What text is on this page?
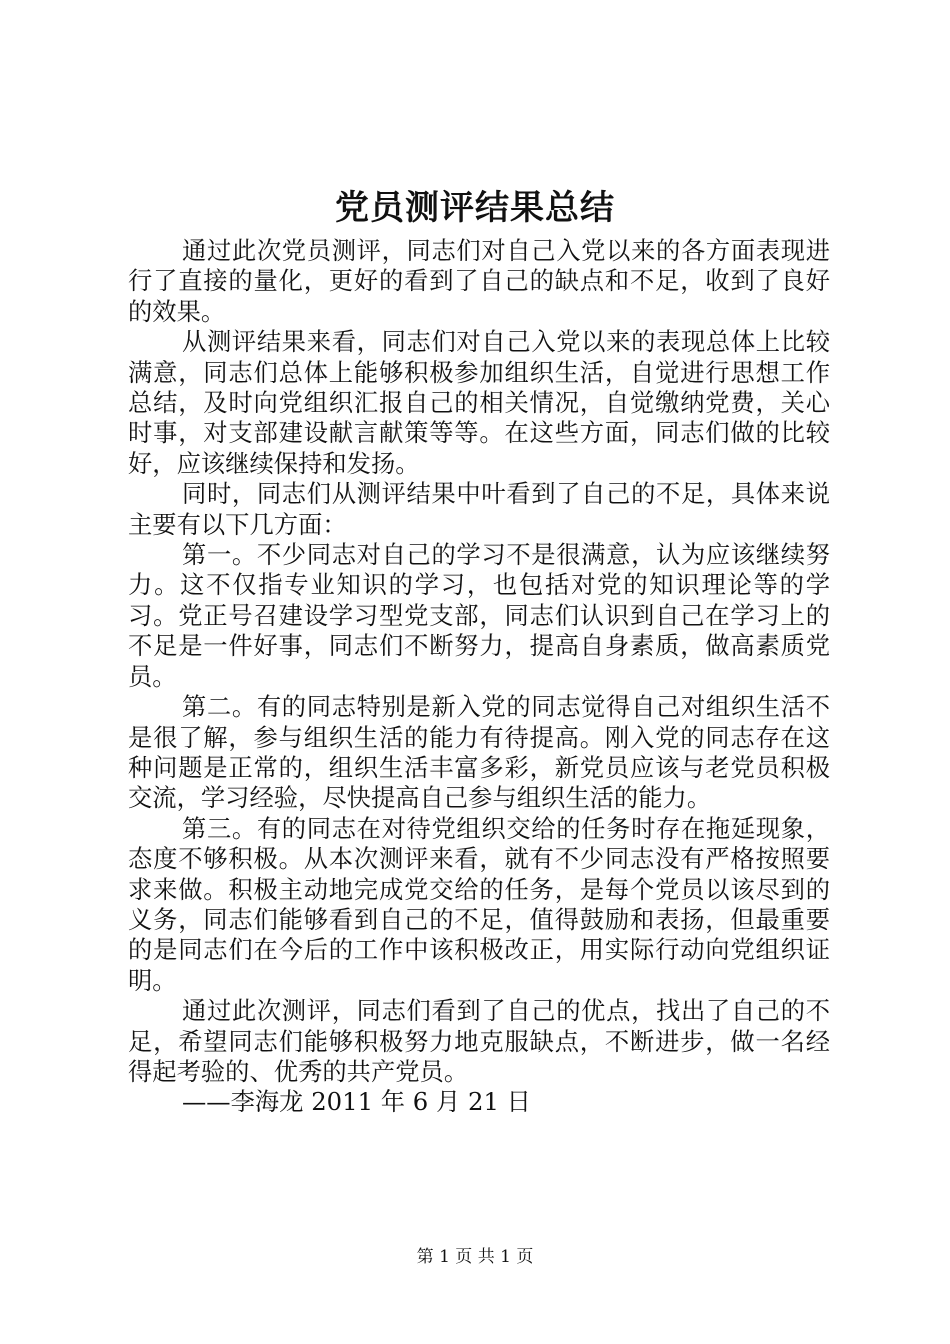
党员测评结果总结

通过此次党员测评，同志们对自己入党以来的各方面表现进行了直接的量化，更好的看到了自己的缺点和不足，收到了良好的效果。

从测评结果来看，同志们对自己入党以来的表现总体上比较满意，同志们总体上能够积极参加组织生活，自觉进行思想工作总结，及时向党组织汇报自己的相关情况，自觉缴纳党费，关心时事，对支部建设献言献策等等。在这些方面，同志们做的比较好，应该继续保持和发扬。

同时，同志们从测评结果中叶看到了自己的不足，具体来说主要有以下几方面：

第一。不少同志对自己的学习不是很满意，认为应该继续努力。这不仅指专业知识的学习，也包括对党的知识理论等的学习。党正号召建设学习型党支部，同志们认识到自己在学习上的不足是一件好事，同志们不断努力，提高自身素质，做高素质党员。

第二。有的同志特别是新入党的同志觉得自己对组织生活不是很了解，参与组织生活的能力有待提高。刚入党的同志存在这种问题是正常的，组织生活丰富多彩，新党员应该与老党员积极交流，学习经验，尽快提高自己参与组织生活的能力。

第三。有的同志在对待党组织交给的任务时存在拖延现象，态度不够积极。从本次测评来看，就有不少同志没有严格按照要求来做。积极主动地完成党交给的任务，是每个党员以该尽到的义务，同志们能够看到自己的不足，值得鼓励和表扬，但最重要的是同志们在今后的工作中该积极改正，用实际行动向党组织证明。

通过此次测评，同志们看到了自己的优点，找出了自己的不足，希望同志们能够积极努力地克服缺点，不断进步，做一名经得起考验的、优秀的共产党员。

——李海龙 2011 年 6 月 21 日

第 1 页 共 1 页
